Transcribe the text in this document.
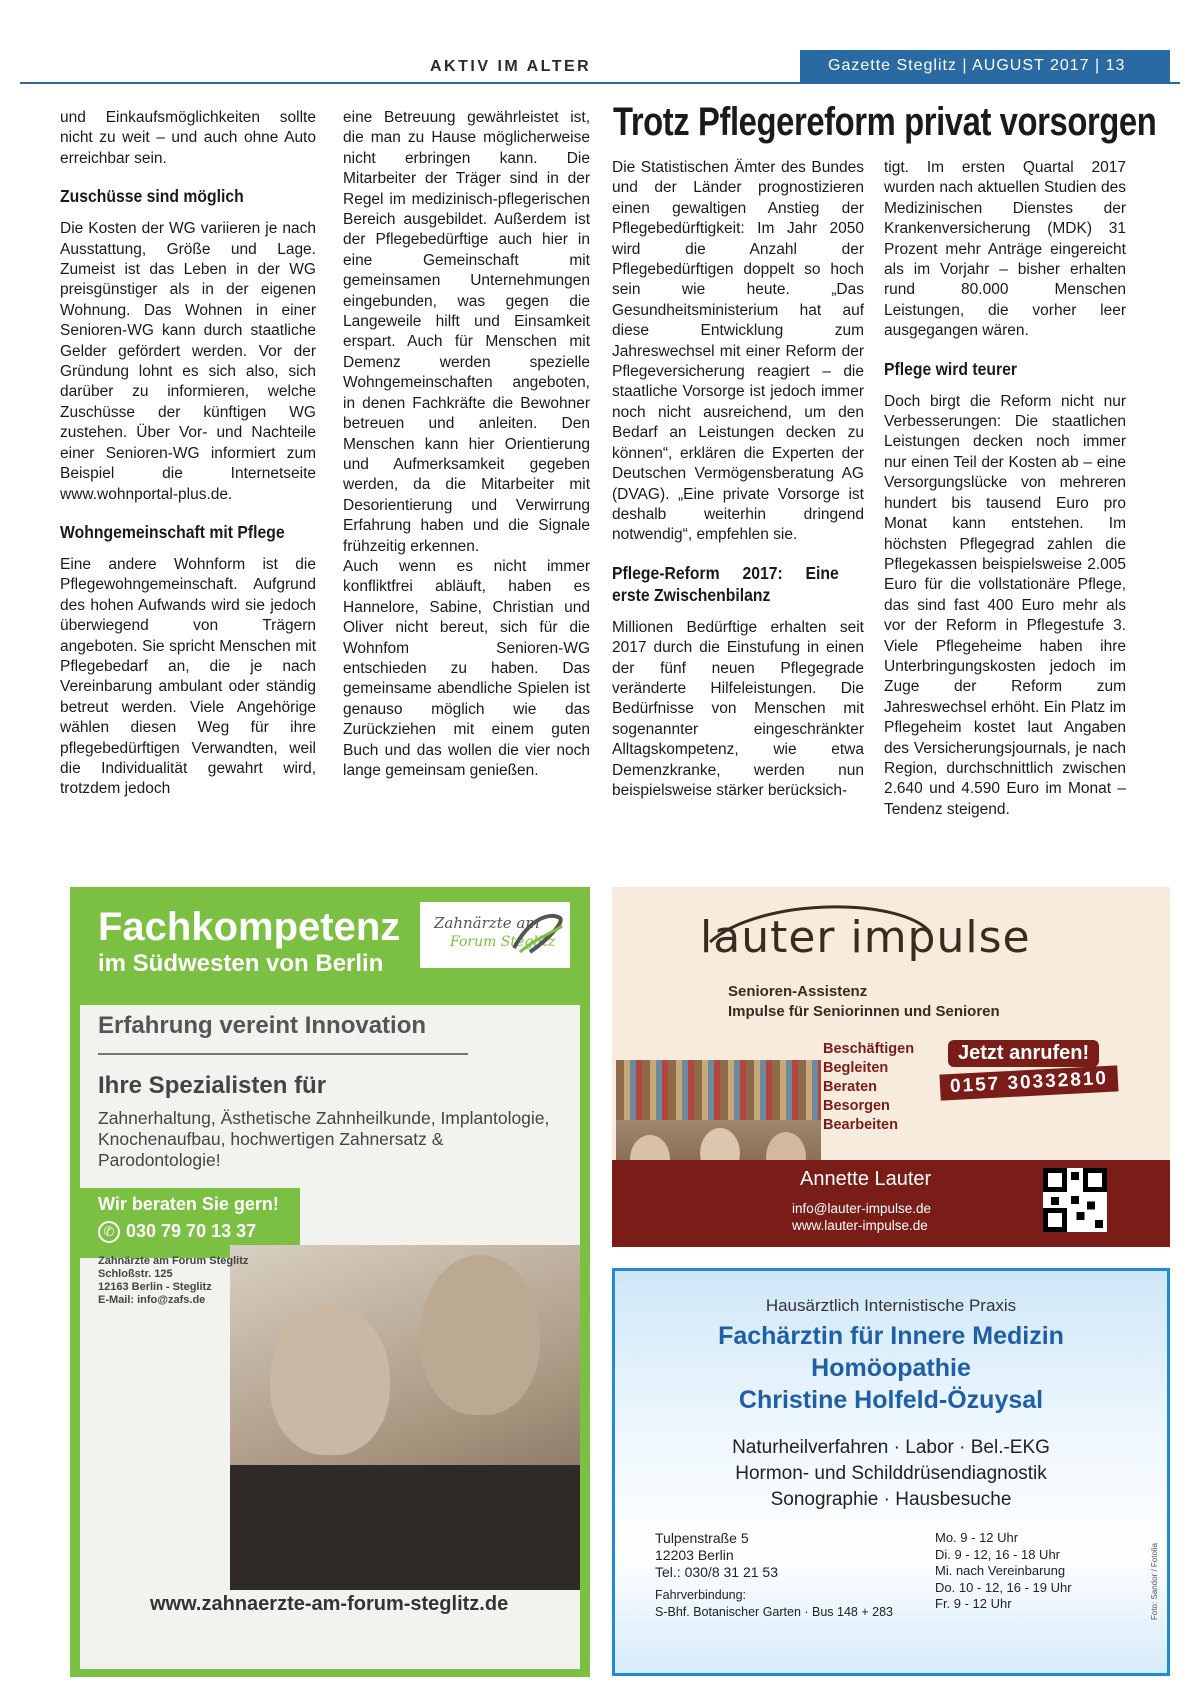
AKTIV IM ALTER	Gazette Steglitz | AUGUST 2017 | 13

und Einkaufsmöglichkeiten sollte nicht zu weit – und auch ohne Auto erreichbar sein.

Zuschüsse sind möglich

Die Kosten der WG variieren je nach Ausstattung, Größe und Lage. Zumeist ist das Leben in der WG preisgünstiger als in der eigenen Wohnung. Das Wohnen in einer Senioren-WG kann durch staatliche Gelder gefördert werden. Vor der Gründung lohnt es sich also, sich darüber zu informieren, welche Zuschüsse der künftigen WG zustehen. Über Vor- und Nachteile einer Senioren-WG informiert zum Beispiel die Internetseite www.wohnportal-plus.de.

Wohngemeinschaft mit Pflege

Eine andere Wohnform ist die Pflegewohngemeinschaft. Aufgrund des hohen Aufwands wird sie jedoch überwiegend von Trägern angeboten. Sie spricht Menschen mit Pflegebedarf an, die je nach Vereinbarung ambulant oder ständig betreut werden. Viele Angehörige wählen diesen Weg für ihre pflegebedürftigen Verwandten, weil die Individualität gewahrt wird, trotzdem jedoch

eine Betreuung gewährleistet ist, die man zu Hause möglicherweise nicht erbringen kann. Die Mitarbeiter der Träger sind in der Regel im medizinisch-pflegerischen Bereich ausgebildet. Außerdem ist der Pflegebedürftige auch hier in eine Gemeinschaft mit gemeinsamen Unternehmungen eingebunden, was gegen die Langeweile hilft und Einsamkeit erspart. Auch für Menschen mit Demenz werden spezielle Wohngemeinschaften angeboten, in denen Fachkräfte die Bewohner betreuen und anleiten. Den Menschen kann hier Orientierung und Aufmerksamkeit gegeben werden, da die Mitarbeiter mit Desorientierung und Verwirrung Erfahrung haben und die Signale frühzeitig erkennen.

Auch wenn es nicht immer konfliktfrei abläuft, haben es Hannelore, Sabine, Christian und Oliver nicht bereut, sich für die Wohnfom Senioren-WG entschieden zu haben. Das gemeinsame abendliche Spielen ist genauso möglich wie das Zurückziehen mit einem guten Buch und das wollen die vier noch lange gemeinsam genießen.

Trotz Pflegereform privat vorsorgen

Die Statistischen Ämter des Bundes und der Länder prognostizieren einen gewaltigen Anstieg der Pflegebedürftigkeit: Im Jahr 2050 wird die Anzahl der Pflegebedürftigen doppelt so hoch sein wie heute. „Das Gesundheitsministerium hat auf diese Entwicklung zum Jahreswechsel mit einer Reform der Pflegeversicherung reagiert – die staatliche Vorsorge ist jedoch immer noch nicht ausreichend, um den Bedarf an Leistungen decken zu können“, erklären die Experten der Deutschen Vermögensberatung AG (DVAG). „Eine private Vorsorge ist deshalb weiterhin dringend notwendig“, empfehlen sie.

Pflege-Reform 2017: Eine erste Zwischenbilanz

Millionen Bedürftige erhalten seit 2017 durch die Einstufung in einen der fünf neuen Pflegegrade veränderte Hilfeleistungen. Die Bedürfnisse von Menschen mit sogenannter eingeschränkter Alltagskompetenz, wie etwa Demenzkranke, werden nun beispielsweise stärker berücksich-

tigt. Im ersten Quartal 2017 wurden nach aktuellen Studien des Medizinischen Dienstes der Krankenversicherung (MDK) 31 Prozent mehr Anträge eingereicht als im Vorjahr – bisher erhalten rund 80.000 Menschen Leistungen, die vorher leer ausgegangen wären.

Pflege wird teurer

Doch birgt die Reform nicht nur Verbesserungen: Die staatlichen Leistungen decken noch immer nur einen Teil der Kosten ab – eine Versorgungslücke von mehreren hundert bis tausend Euro pro Monat kann entstehen. Im höchsten Pflegegrad zahlen die Pflegekassen beispielsweise 2.005 Euro für die vollstationäre Pflege, das sind fast 400 Euro mehr als vor der Reform in Pflegestufe 3. Viele Pflegeheime haben ihre Unterbringungskosten jedoch im Zuge der Reform zum Jahreswechsel erhöht. Ein Platz im Pflegeheim kostet laut Angaben des Versicherungsjournals, je nach Region, durchschnittlich zwischen 2.640 und 4.590 Euro im Monat – Tendenz steigend.

Fachkompetenz
im Südwesten von Berlin
Zahnärzte am
Forum Steglitz
Erfahrung vereint Innovation
Ihre Spezialisten für
Zahnerhaltung, Ästhetische Zahnheilkunde, Implantologie, Knochenaufbau, hochwertigen Zahnersatz & Parodontologie!
Wir beraten Sie gern!
✆ 030 79 70 13 37
Zahnärzte am Forum Steglitz
Schloßstr. 125
12163 Berlin - Steglitz
E-Mail: info@zafs.de
www.zahnaerzte-am-forum-steglitz.de
lauter impulse
Senioren-Assistenz
Impulse für Seniorinnen und Senioren
Beschäftigen
Begleiten
Beraten
Besorgen
Bearbeiten
Jetzt anrufen!
0157 30332810
Annette Lauter
info@lauter-impulse.de
www.lauter-impulse.de
Hausärztlich Internistische Praxis
Fachärztin für Innere Medizin
Homöopathie
Christine Holfeld-Özuysal
Naturheilverfahren · Labor · Bel.-EKG
Hormon- und Schilddrüsendiagnostik
Sonographie · Hausbesuche
Tulpenstraße 5
12203 Berlin
Tel.: 030/8 31 21 53
Fahrverbindung:
S-Bhf. Botanischer Garten · Bus 148 + 283
Mo. 9 - 12 Uhr
Di. 9 - 12, 16 - 18 Uhr
Mi. nach Vereinbarung
Do. 10 - 12, 16 - 19 Uhr
Fr. 9 - 12 Uhr	Foto: Sandor / Fotolia
